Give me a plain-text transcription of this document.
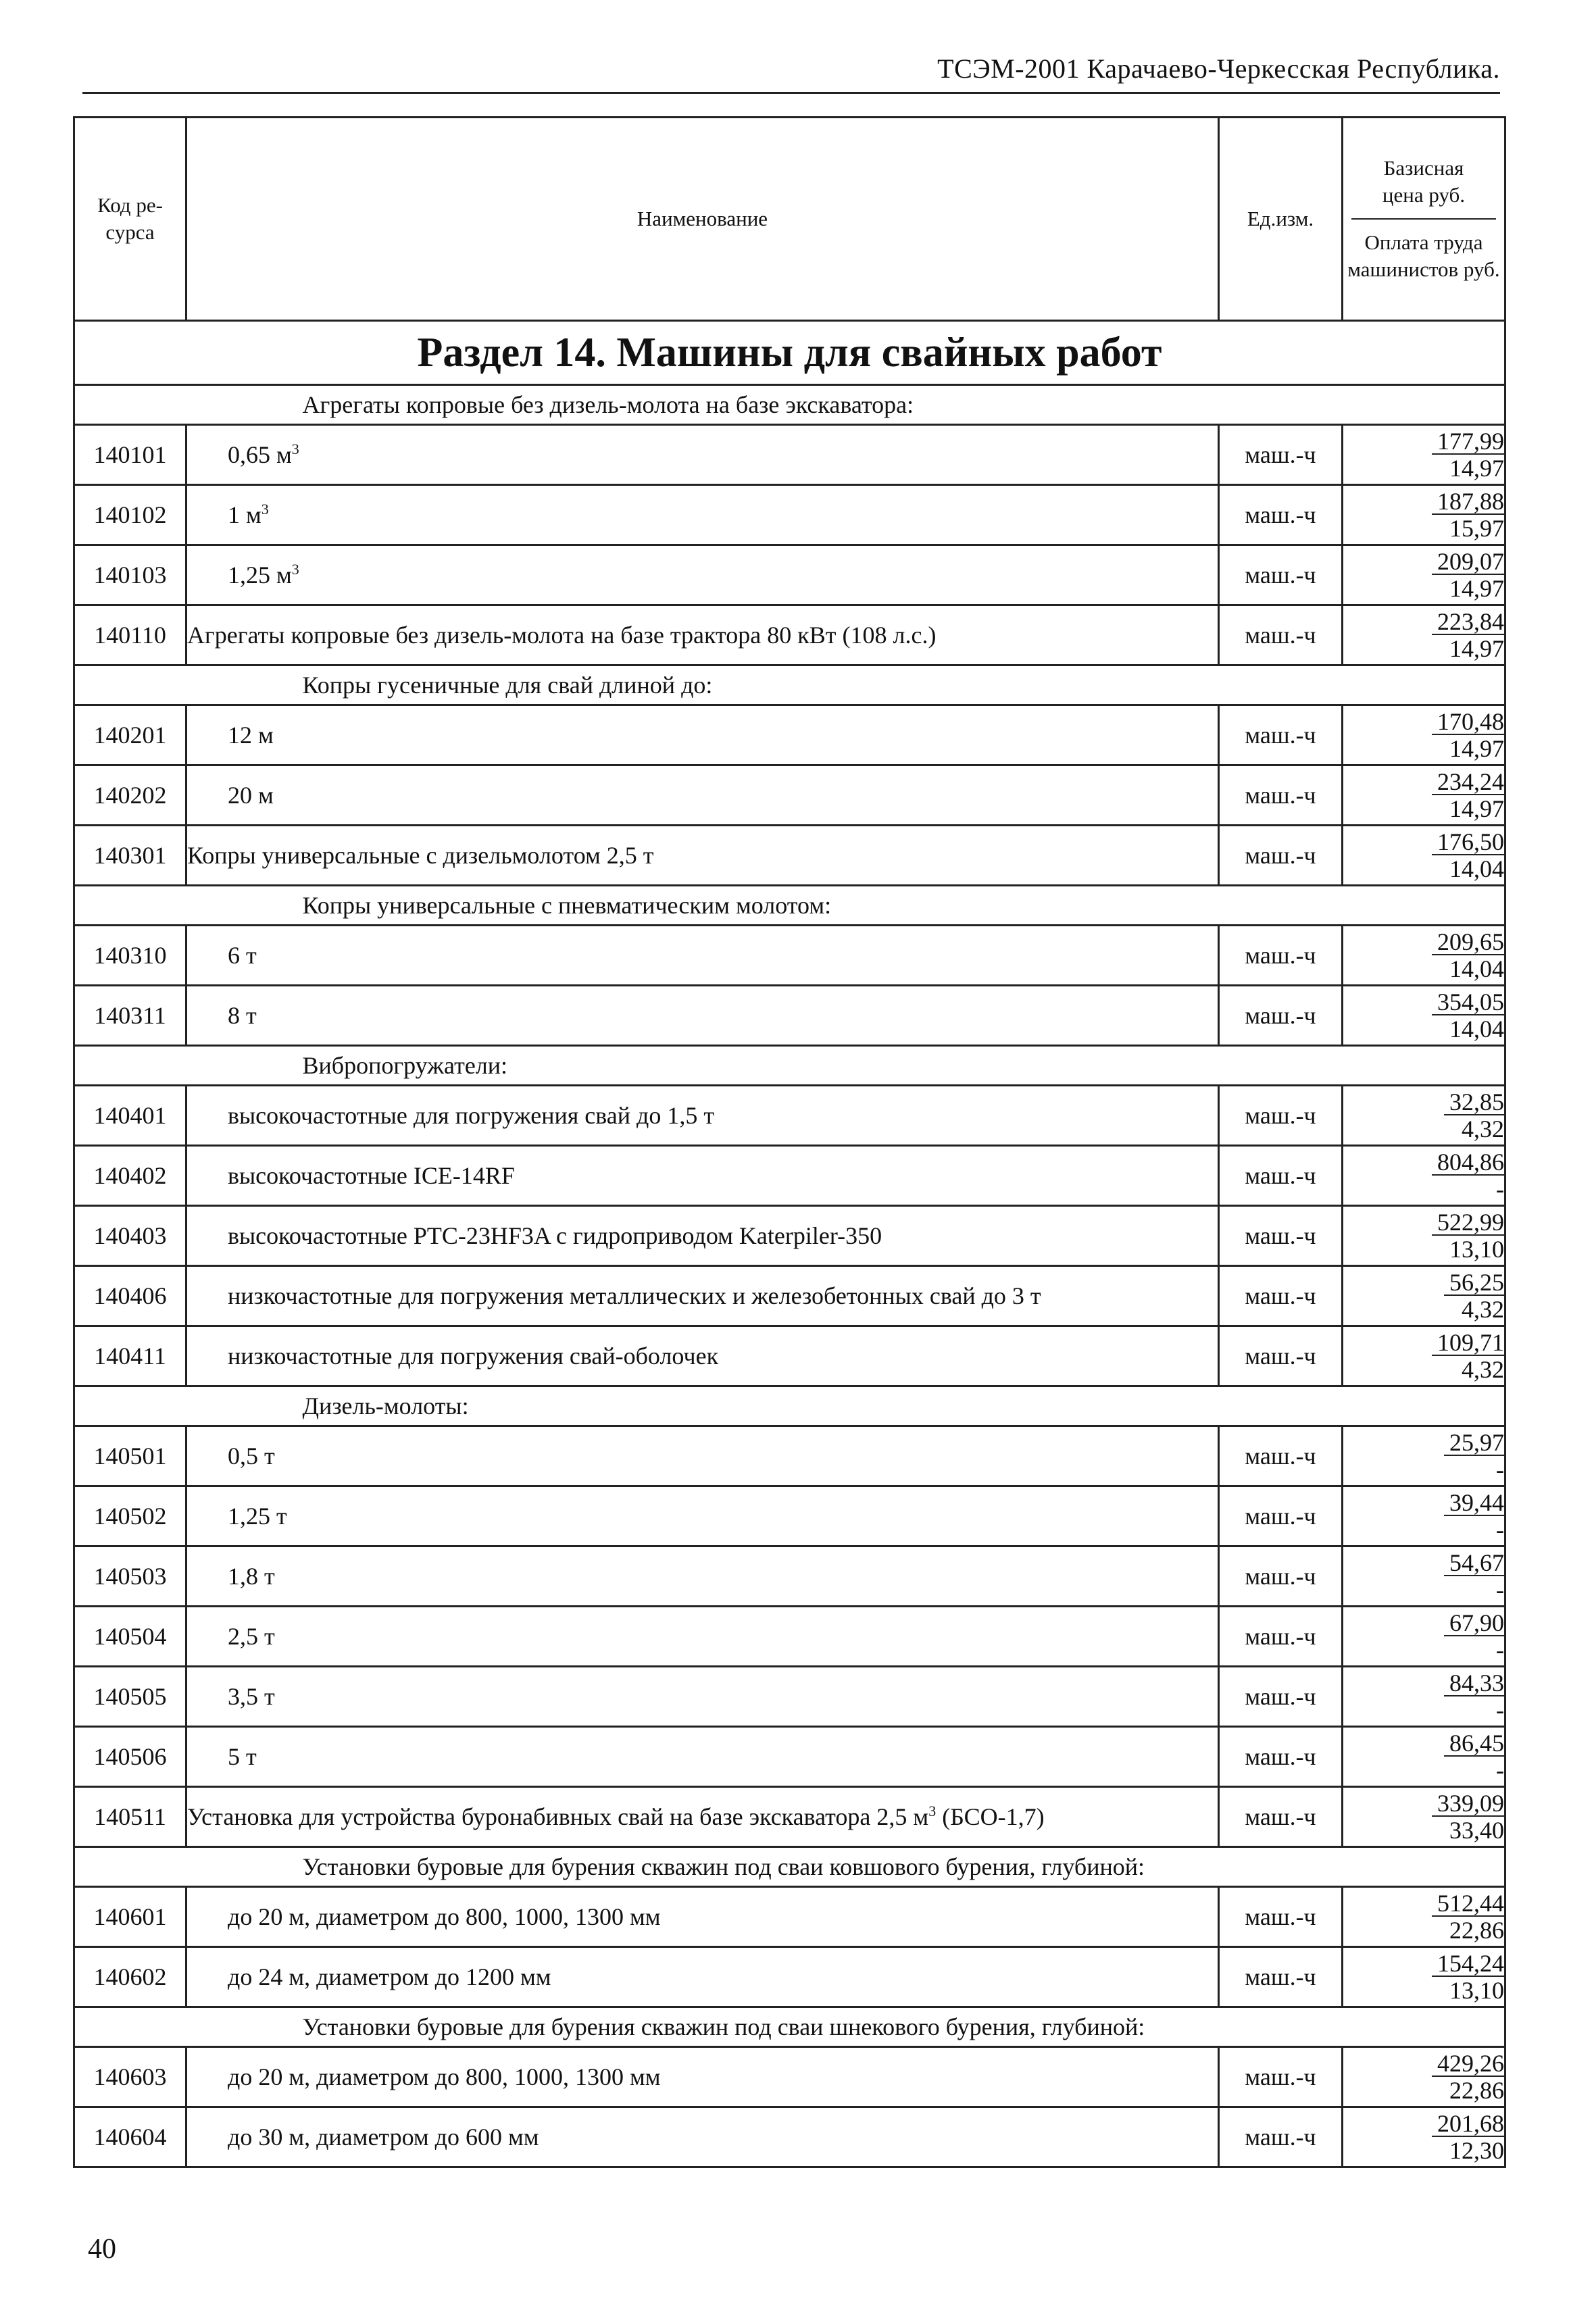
ТСЭМ-2001 Карачаево-Черкесская Республика.
Код ре- сурса	Наименование	Ед.изм.	Базисная цена руб.
Оплата труда машинистов руб.

Раздел 14. Машины для свайных работ			
	Агрегаты копровые без дизель-молота на базе экскаватора:		
140101	0,65 $м^3$	маш.-ч	177,99
14,97

140102	1 $м^3$	маш.-ч	187,88
15,97

140103	1,25 $м^3$	маш.-ч	209,07
14,97

140110	Агрегаты копровые без дизель-молота на базе трактора 80 кВт (108 л.с.)	маш.-ч	223,84
14,97

	Копры гусеничные для свай длиной до:		
140201	12 м	маш.-ч	170,48
14,97

140202	20 м	маш.-ч	234,24
14,97

140301	Копры универсальные с дизельмолотом 2,5 т	маш.-ч	176,50
14,04

	Копры универсальные с пневматическим молотом:		
140310	6 т	маш.-ч	209,65
14,04

140311	8 т	маш.-ч	354,05
14,04

	Вибропогружатели:		
140401	высокочастотные для погружения свай до 1,5 т	маш.-ч	32,85
4,32

140402	высокочастотные ICE-14RF	маш.-ч	804,86
-

140403	высокочастотные PTC-23HF3A с гидроприводом Katerpiler-350	маш.-ч	522,99
13,10

140406	низкочастотные для погружения металлических и железобетонных свай до 3 т	маш.-ч	56,25
4,32

140411	низкочастотные для погружения свай-оболочек	маш.-ч	109,71
4,32

	Дизель-молоты:		
140501	0,5 т	маш.-ч	25,97
-

140502	1,25 т	маш.-ч	39,44
-

140503	1,8 т	маш.-ч	54,67
-

140504	2,5 т	маш.-ч	67,90
-

140505	3,5 т	маш.-ч	84,33
-

140506	5 т	маш.-ч	86,45
-

140511	Установка для устройства буронабивных свай на базе экскаватора 2,5 $м^3$ (БСО-1,7)	маш.-ч	339,09
33,40

	Установки буровые для бурения скважин под сваи ковшового бурения, глубиной:		
140601	до 20 м, диаметром до 800, 1000, 1300 мм	маш.-ч	512,44
22,86

140602	до 24 м, диаметром до 1200 мм	маш.-ч	154,24
13,10

	Установки буровые для бурения скважин под сваи шнекового бурения, глубиной:		
140603	до 20 м, диаметром до 800, 1000, 1300 мм	маш.-ч	429,26
22,86

140604	до 30 м, диаметром до 600 мм	маш.-ч	201,68
12,30
40
